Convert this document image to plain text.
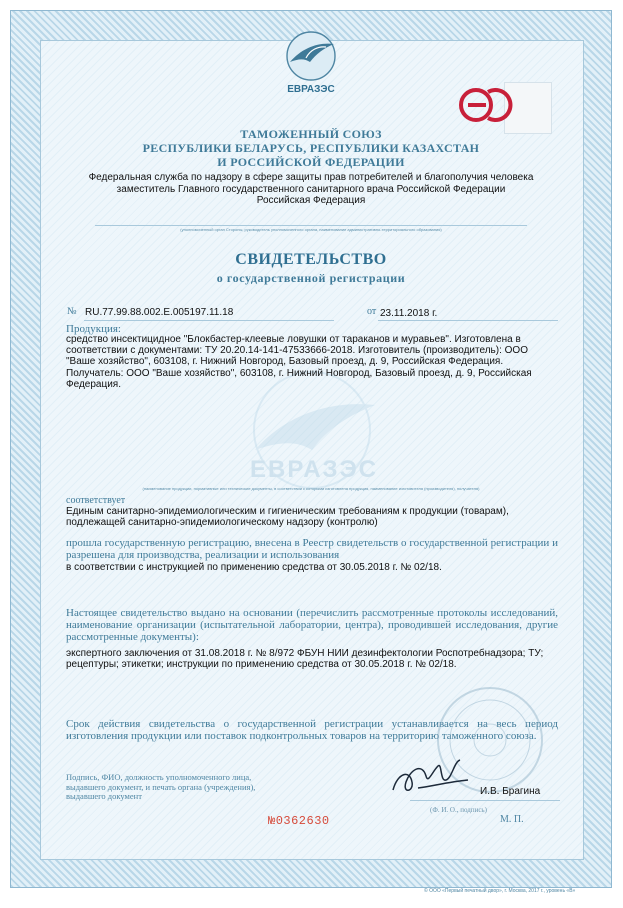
ЕВРАЗЭС
ТАМОЖЕННЫЙ СОЮЗ
РЕСПУБЛИКИ БЕЛАРУСЬ, РЕСПУБЛИКИ КАЗАХСТАН
И РОССИЙСКОЙ ФЕДЕРАЦИИ
Федеральная служба по надзору в сфере защиты прав потребителей и благополучия человека
заместитель Главного государственного санитарного врача Российской Федерации
Российская Федерация
(уполномоченный орган Стороны, руководитель уполномоченного органа, наименование административно-территориального образования)
СВИДЕТЕЛЬСТВО
о государственной регистрации
№ RU.77.99.88.002.Е.005197.11.18	от 23.11.2018 г.
ЕВРАЗЭС
Продукция:
средство инсектицидное "Блокбастер-клеевые ловушки от тараканов и муравьев". Изготовлена в соответствии с документами: ТУ 20.20.14-141-47533666-2018. Изготовитель (производитель): ООО "Ваше хозяйство", 603108, г. Нижний Новгород, Базовый проезд, д. 9, Российская Федерация. Получатель: ООО "Ваше хозяйство", 603108, г. Нижний Новгород, Базовый проезд, д. 9, Российская Федерация.
(наименование продукции, нормативные или технические документы, в соответствии с которыми изготовлена продукция, наименование изготовителя (производителя), получателя)
соответствует
Единым санитарно-эпидемиологическим и гигиеническим требованиям к продукции (товарам), подлежащей санитарно-эпидемиологическому надзору (контролю)
прошла государственную регистрацию, внесена в Реестр свидетельств о государственной регистрации и разрешена для производства, реализации и использования
в соответствии с инструкцией по применению средства от 30.05.2018 г. № 02/18.
Настоящее свидетельство выдано на основании (перечислить рассмотренные протоколы исследований, наименование организации (испытательной лаборатории, центра), проводившей исследования, другие рассмотренные документы):
экспертного заключения от 31.08.2018 г. № 8/972 ФБУН НИИ дезинфектологии Роспотребнадзора; ТУ; рецептуры; этикетки; инструкции по применению средства от 30.05.2018 г. № 02/18.
Срок действия свидетельства о государственной регистрации устанавливается на весь период изготовления продукции или поставок подконтрольных товаров на территорию таможенного союза.
Подпись, ФИО, должность уполномоченного лица, выдавшего документ, и печать органа (учреждения), выдавшего документ	И.В. Брагина
(Ф. И. О., подпись)
№0362630	М. П.
© ООО «Первый печатный двор», г. Москва, 2017 г., уровень «В»
